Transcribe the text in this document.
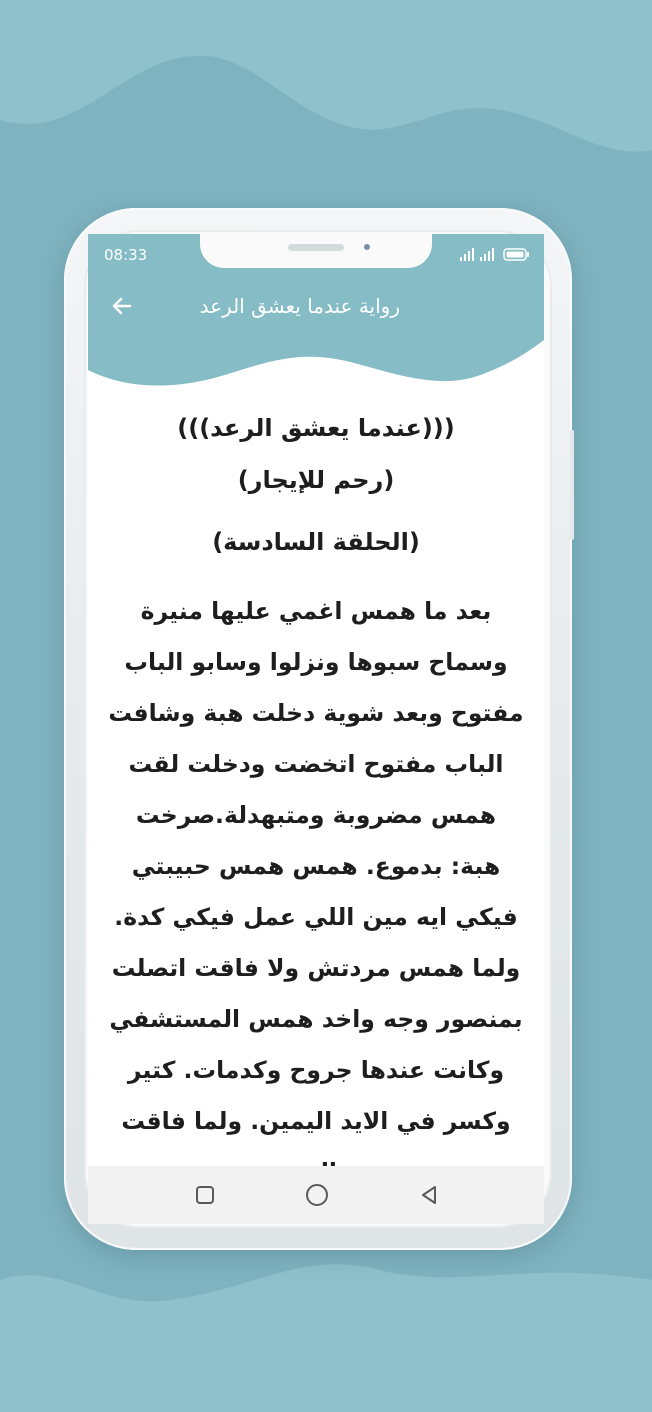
08:33
رواية عندما يعشق الرعد
(((عندما يعشق الرعد)))
(رحم للإيجار)
(الحلقة السادسة)
بعد ما همس اغمي عليها منيرة وسماح سبوها ونزلوا وسابو الباب مفتوح وبعد شوية دخلت هبة وشافت الباب مفتوح اتخضت ودخلت لقت همس مضروبة ومتبهدلة.صرخت
هبة: بدموع. همس همس حبيبتي فيكي ايه مين اللي عمل فيكي كدة. ولما همس مردتش ولا فاقت اتصلت بمنصور وجه واخد همس المستشفي وكانت عندها جروح وكدمات. كتير وكسر في الايد اليمين. ولما فاقت
